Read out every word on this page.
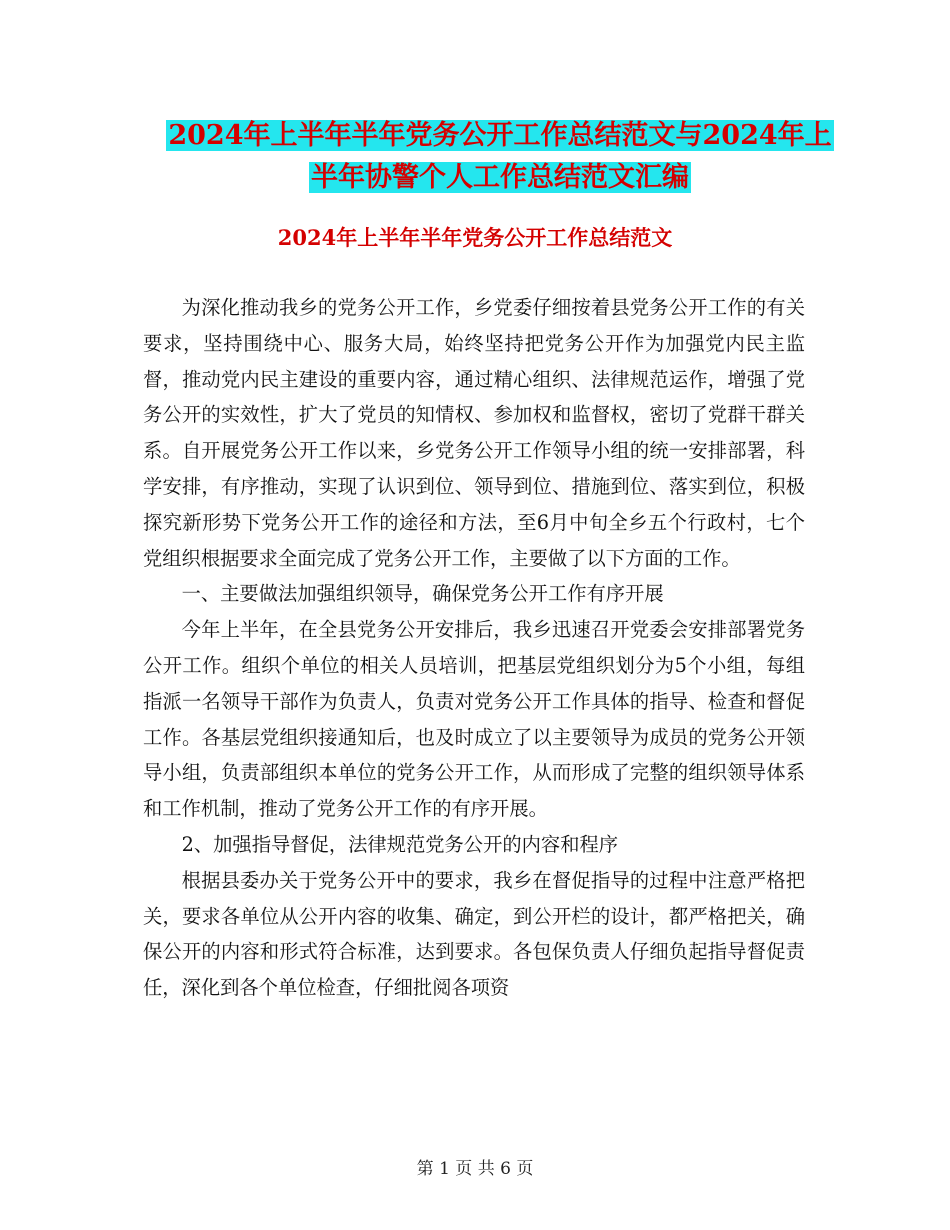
2024年上半年半年党务公开工作总结范文与2024年上
半年协警个人工作总结范文汇编
2024年上半年半年党务公开工作总结范文

为深化推动我乡的党务公开工作，乡党委仔细按着县党务公开工作的有关要求，坚持围绕中心、服务大局，始终坚持把党务公开作为加强党内民主监督，推动党内民主建设的重要内容，通过精心组织、法律规范运作，增强了党务公开的实效性，扩大了党员的知情权、参加权和监督权，密切了党群干群关系。自开展党务公开工作以来，乡党务公开工作领导小组的统一安排部署，科学安排，有序推动，实现了认识到位、领导到位、措施到位、落实到位，积极探究新形势下党务公开工作的途径和方法，至6月中旬全乡五个行政村，七个党组织根据要求全面完成了党务公开工作，主要做了以下方面的工作。

一、主要做法加强组织领导，确保党务公开工作有序开展

今年上半年，在全县党务公开安排后，我乡迅速召开党委会安排部署党务公开工作。组织个单位的相关人员培训，把基层党组织划分为5个小组，每组指派一名领导干部作为负责人，负责对党务公开工作具体的指导、检查和督促工作。各基层党组织接通知后，也及时成立了以主要领导为成员的党务公开领导小组，负责部组织本单位的党务公开工作，从而形成了完整的组织领导体系和工作机制，推动了党务公开工作的有序开展。

2、加强指导督促，法律规范党务公开的内容和程序

根据县委办关于党务公开中的要求，我乡在督促指导的过程中注意严格把关，要求各单位从公开内容的收集、确定，到公开栏的设计，都严格把关，确保公开的内容和形式符合标准，达到要求。各包保负责人仔细负起指导督促责任，深化到各个单位检查，仔细批阅各项资

第 1 页 共 6 页
